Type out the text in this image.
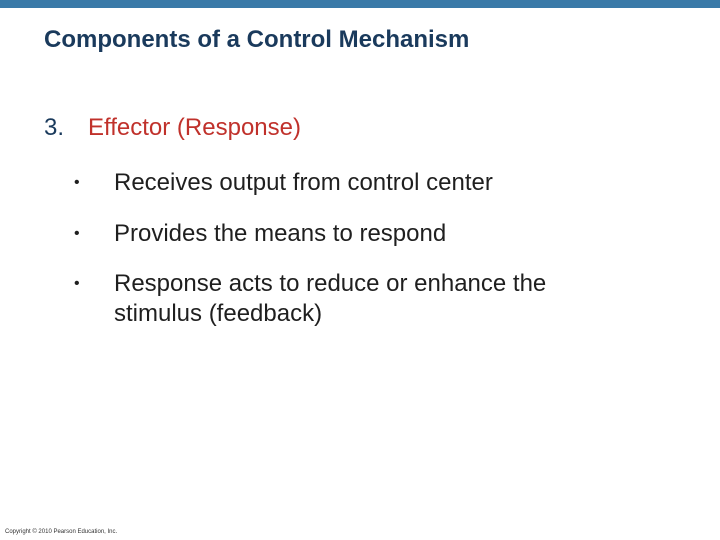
Components of a Control Mechanism
3. Effector (Response)
• Receives output from control center
• Provides the means to respond
• Response acts to reduce or enhance the stimulus (feedback)
Copyright © 2010 Pearson Education, Inc.
